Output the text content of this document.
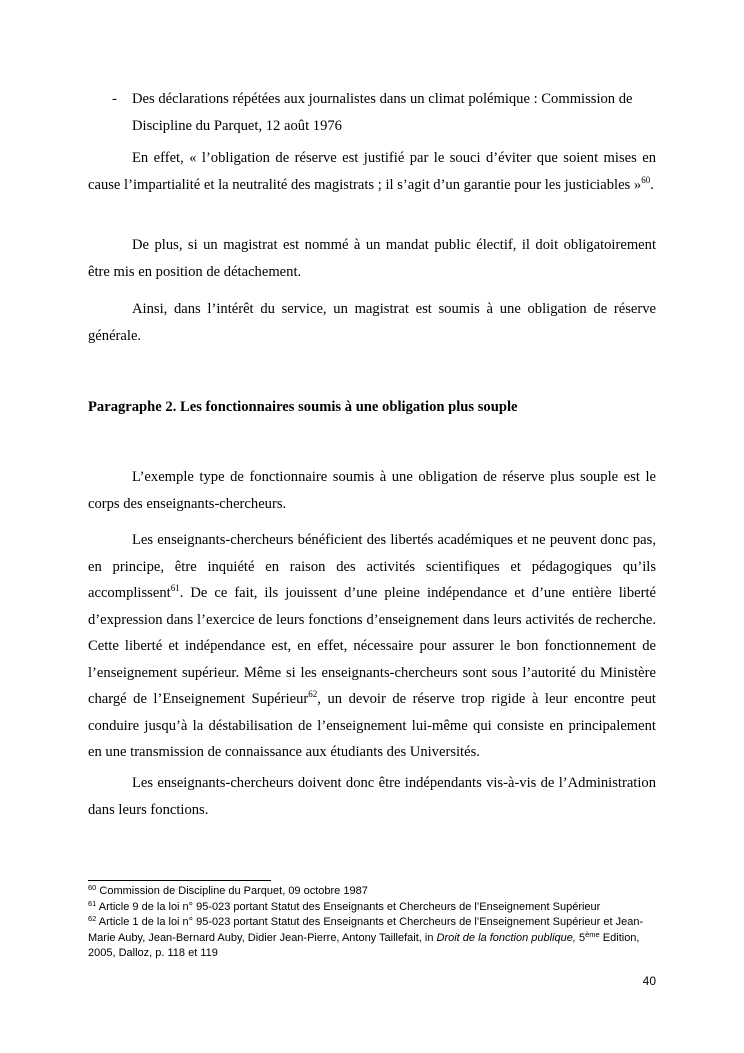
- Des déclarations répétées aux journalistes dans un climat polémique : Commission de Discipline du Parquet, 12 août 1976

En effet, « l’obligation de réserve est justifié par le souci d’éviter que soient mises en cause l’impartialité et la neutralité des magistrats ; il s’agit d’un garantie pour les justiciables »$^{60}$.

De plus, si un magistrat est nommé à un mandat public électif, il doit obligatoirement être mis en position de détachement.

Ainsi, dans l’intérêt du service, un magistrat est soumis à une obligation de réserve générale.

Paragraphe 2. Les fonctionnaires soumis à une obligation plus souple

L’exemple type de fonctionnaire soumis à une obligation de réserve plus souple est le corps des enseignants-chercheurs.

Les enseignants-chercheurs bénéficient des libertés académiques et ne peuvent donc pas, en principe, être inquiété en raison des activités scientifiques et pédagogiques qu’ils accomplissent$^{61}$. De ce fait, ils jouissent d’une pleine indépendance et d’une entière liberté d’expression dans l’exercice de leurs fonctions d’enseignement dans leurs activités de recherche. Cette liberté et indépendance est, en effet, nécessaire pour assurer le bon fonctionnement de l’enseignement supérieur. Même si les enseignants-chercheurs sont sous l’autorité du Ministère chargé de l’Enseignement Supérieur$^{62}$, un devoir de réserve trop rigide à leur encontre peut conduire jusqu’à la déstabilisation de l’enseignement lui-même qui consiste en principalement en une transmission de connaissance aux étudiants des Universités.

Les enseignants-chercheurs doivent donc être indépendants vis-à-vis de l’Administration dans leurs fonctions.

$^{60}$ Commission de Discipline du Parquet, 09 octobre 1987
$^{61}$ Article 9 de la loi n° 95-023 portant Statut des Enseignants et Chercheurs de l’Enseignement Supérieur
$^{62}$ Article 1 de la loi n° 95-023 portant Statut des Enseignants et Chercheurs de l’Enseignement Supérieur et Jean-Marie Auby, Jean-Bernard Auby, Didier Jean-Pierre, Antony Taillefait, in Droit de la fonction publique, 5ème Edition, 2005, Dalloz, p. 118 et 119
40
